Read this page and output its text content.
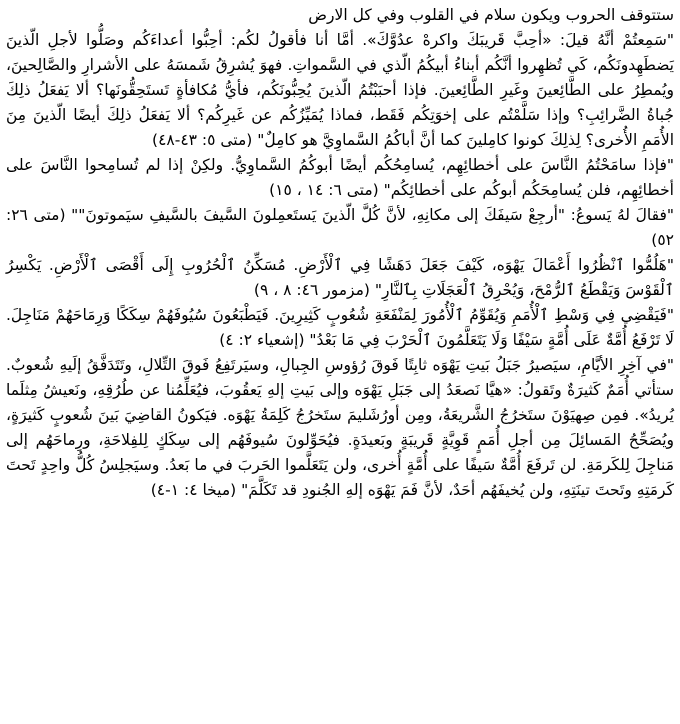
ستتوقف الحروب ويكون سلام في القلوب وفي كل الارض

"سَمِعتُمْ أنَّهُ قيلَ: «أحِبَّ قَريبَكَ واكرهْ عدُوَّكَ». أمَّا أنا فأقولُ لكُم: أحِبُّوا أعداءَكُم وصَلُّوا لأجلِ الّذينَ يَضطَهِدونَكُم، كَي تُظهِروا أنَّكُم أبناءُ أبيكُمُ الّذي في السَّمواتِ. فهوَ يُشرِقُ شَمسَهُ على الأشرارِ والصَّالِحينَ، ويُمطِرُ على الطَّائِعينَ وغَيرِ الطَّائِعينَ. فإذا أحبَبْتُمُ الّذينَ يُحِبُّونَكُم، فأيُّ مُكافأةٍ تَستَحِقُّونَها؟ ألا يَفعَلُ ذلِكَ جُباةُ الضَّرائِبِ؟ وإذا سَلَّمْتُم على إخوَتِكُم فَقَط، فماذا يُمَيِّزُكُم عن غَيرِكُم؟ ألا يَفعَلُ ذلِكَ أيضًا الّذينَ مِنَ الأُمَمِ الأُخرى؟ لِذلِكَ كونوا كامِلينَ كما أنَّ أباكُمُ السَّماوِيَّ هو كامِلٌ" (متى ٥: ٤٣-٤٨)

"فإذا سامَحْتُمُ النَّاسَ على أخطائِهِم، يُسامِحُكُم أيضًا أبوكُمُ السَّماوِيُّ. ولكِنْ إذا لم تُسامِحوا النَّاسَ على أخطائِهِم، فلن يُسامِحَكُم أبوكُم على أخطائِكُم" (متى ٦: ١٤ ، ١٥)

"فقالَ لهُ يَسوعُ: "أرجِعْ سَيفَكَ إلى مكانِهِ، لأنَّ كُلَّ الّذينَ يَستَعمِلونَ السَّيفَ بالسَّيفِ سيَموتونَ"" (متى ٢٦: ٥٢)

"هَلُمُّوا ٱنْظُرُوا أَعْمَالَ يَهْوَه، كَيْفَ جَعَلَ دَهَشًا فِي ٱلْأَرْضِ. مُسَكِّنُ ٱلْحُرُوبِ إِلَى أَقْصَى ٱلْأَرْضِ. يَكْسِرُ ٱلْقَوْسَ وَيَقْطَعُ ٱلرُّمْحَ، وَيُحْرِقُ ٱلْعَجَلَاتِ بِٱلنَّارِ" (مزمور ٤٦: ٨ ، ٩)

"فَيَقْضِي فِي وَسْطِ ٱلْأُمَمِ وَيُقَوِّمُ ٱلْأُمُورَ لِمَنْفَعَةِ شُعُوبٍ كَثِيرِينَ. فَيَطْبَعُونَ سُيُوفَهُمْ سِكَكًا وَرِمَاحَهُمْ مَنَاجِلَ. لَا تَرْفَعُ أُمَّةٌ عَلَى أُمَّةٍ سَيْفًا وَلَا يَتَعَلَّمُونَ ٱلْحَرْبَ فِي مَا بَعْدُ" (إشعياء ٢: ٤)

"في آخِرِ الأيَّامِ، سيَصيرُ جَبَلُ بَيتِ يَهْوَه ثابِتًا فَوقَ رُؤوسِ الجِبالِ، وسيَرتَفِعُ فَوقَ التِّلالِ، وتَتَدَفَّقُ إلَيهِ شُعوبٌ. ستأتي أُمَمٌ كَثيرَةٌ وتَقولُ: «هيَّا نَصعَدُ إلى جَبَلِ يَهْوَه وإلى بَيتِ إلهِ يَعقُوبَ، فيُعَلِّمُنا عن طُرُقِهِ، ونَعيشُ مِثلَما يُريدُ». فمِن صِهيَوْنَ ستَخرُجُ الشَّريعَةُ، ومِن أورُشَليمَ ستَخرُجُ كَلِمَةُ يَهْوَه. فيَكونُ القاضِيَ بَينَ شُعوبٍ كَثيرَةٍ، ويُصَحِّحُ المَسائِلَ مِن أجلِ أُمَمٍ قَوِيَّةٍ قَريبَةٍ وبَعيدَةٍ. فيُحَوِّلونَ سُيوفَهُم إلى سِكَكٍ لِلفِلاحَةِ، ورِماحَهُم إلى مَناجِلَ لِلكَرمَةِ. لن تَرفَعَ أُمَّةٌ سَيفًا على أُمَّةٍ أُخرى، ولن يَتَعَلَّموا الحَربَ في ما بَعدُ. وسيَجلِسُ كُلُّ واحِدٍ تَحتَ كَرمَتِهِ وتَحتَ تينَتِهِ، ولن يُخيفَهُم أحَدٌ، لأنَّ فَمَ يَهْوَه إلهِ الجُنودِ قد تَكَلَّمَ" (ميخا ٤: ١-٤)
